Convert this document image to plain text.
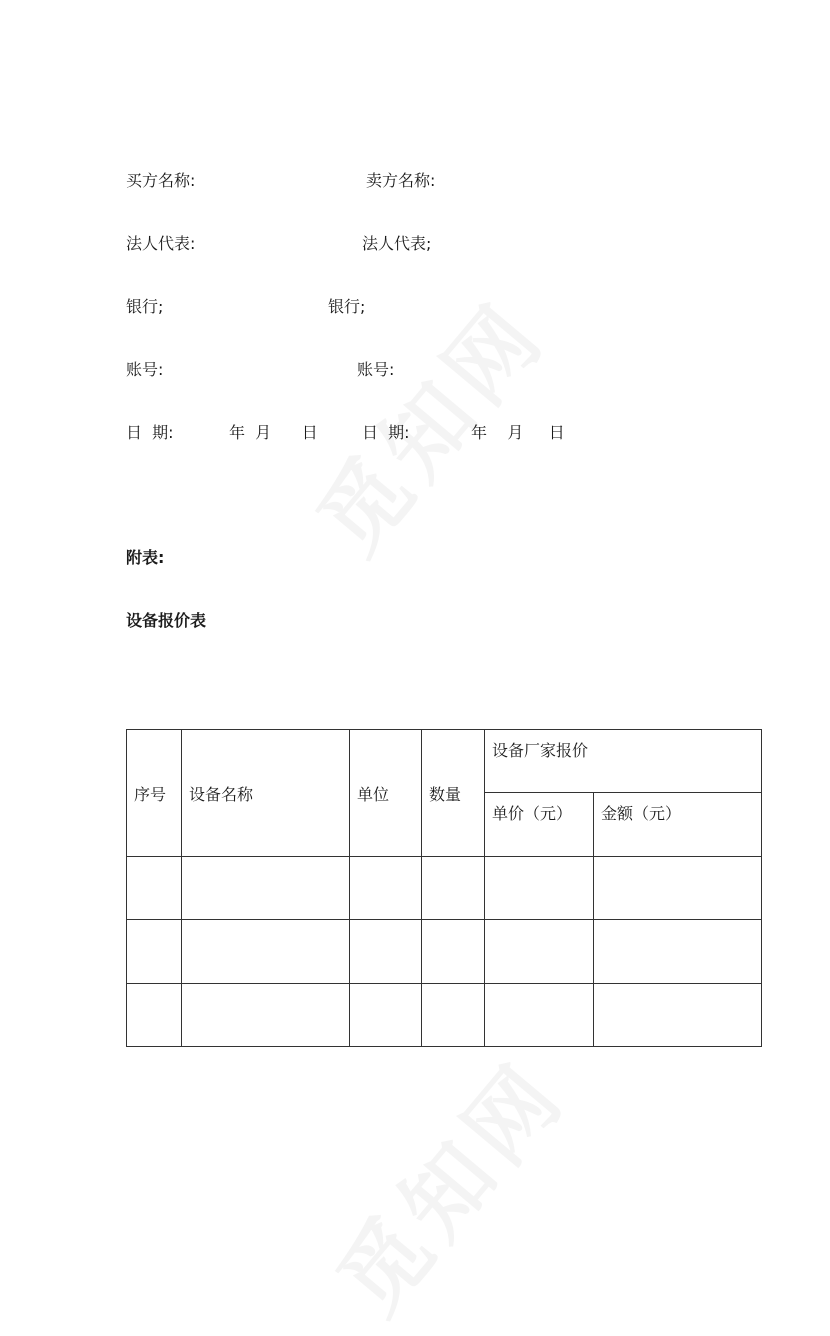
买方名称:	卖方名称:
法人代表:	法人代表;
银行;	银行;
账号:	账号:
日  期:	年  月      日	日  期:	年    月     日
附表:
设备报价表
序号	设备名称	单位	数量	设备厂家报价	
				单价（元）	金额（元）
